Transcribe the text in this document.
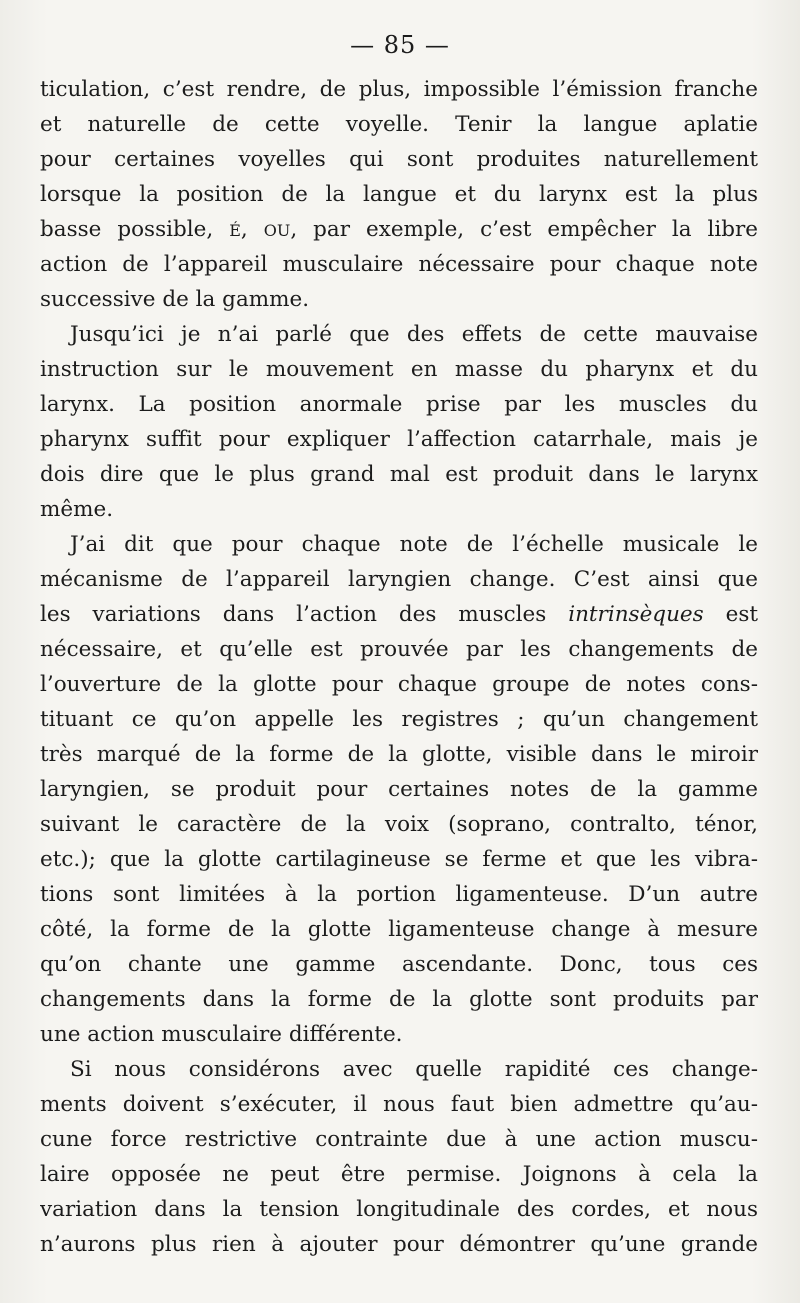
— 85 —
ticulation, c’est rendre, de plus, impossible l’émission franche
et naturelle de cette voyelle. Tenir la langue aplatie
pour certaines voyelles qui sont produites naturellement
lorsque la position de la langue et du larynx est la plus
basse possible, É, OU, par exemple, c’est empêcher la libre
action de l’appareil musculaire nécessaire pour chaque note
successive de la gamme.
Jusqu’ici je n’ai parlé que des effets de cette mauvaise
instruction sur le mouvement en masse du pharynx et du
larynx. La position anormale prise par les muscles du
pharynx suffit pour expliquer l’affection catarrhale, mais je
dois dire que le plus grand mal est produit dans le larynx
même.
J’ai dit que pour chaque note de l’échelle musicale le
mécanisme de l’appareil laryngien change. C’est ainsi que
les variations dans l’action des muscles intrinsèques est
nécessaire, et qu’elle est prouvée par les changements de
l’ouverture de la glotte pour chaque groupe de notes cons-
tituant ce qu’on appelle les registres ; qu’un changement
très marqué de la forme de la glotte, visible dans le miroir
laryngien, se produit pour certaines notes de la gamme
suivant le caractère de la voix (soprano, contralto, ténor,
etc.); que la glotte cartilagineuse se ferme et que les vibra-
tions sont limitées à la portion ligamenteuse. D’un autre
côté, la forme de la glotte ligamenteuse change à mesure
qu’on chante une gamme ascendante. Donc, tous ces
changements dans la forme de la glotte sont produits par
une action musculaire différente.
Si nous considérons avec quelle rapidité ces change-
ments doivent s’exécuter, il nous faut bien admettre qu’au-
cune force restrictive contrainte due à une action muscu-
laire opposée ne peut être permise. Joignons à cela la
variation dans la tension longitudinale des cordes, et nous
n’aurons plus rien à ajouter pour démontrer qu’une grande
